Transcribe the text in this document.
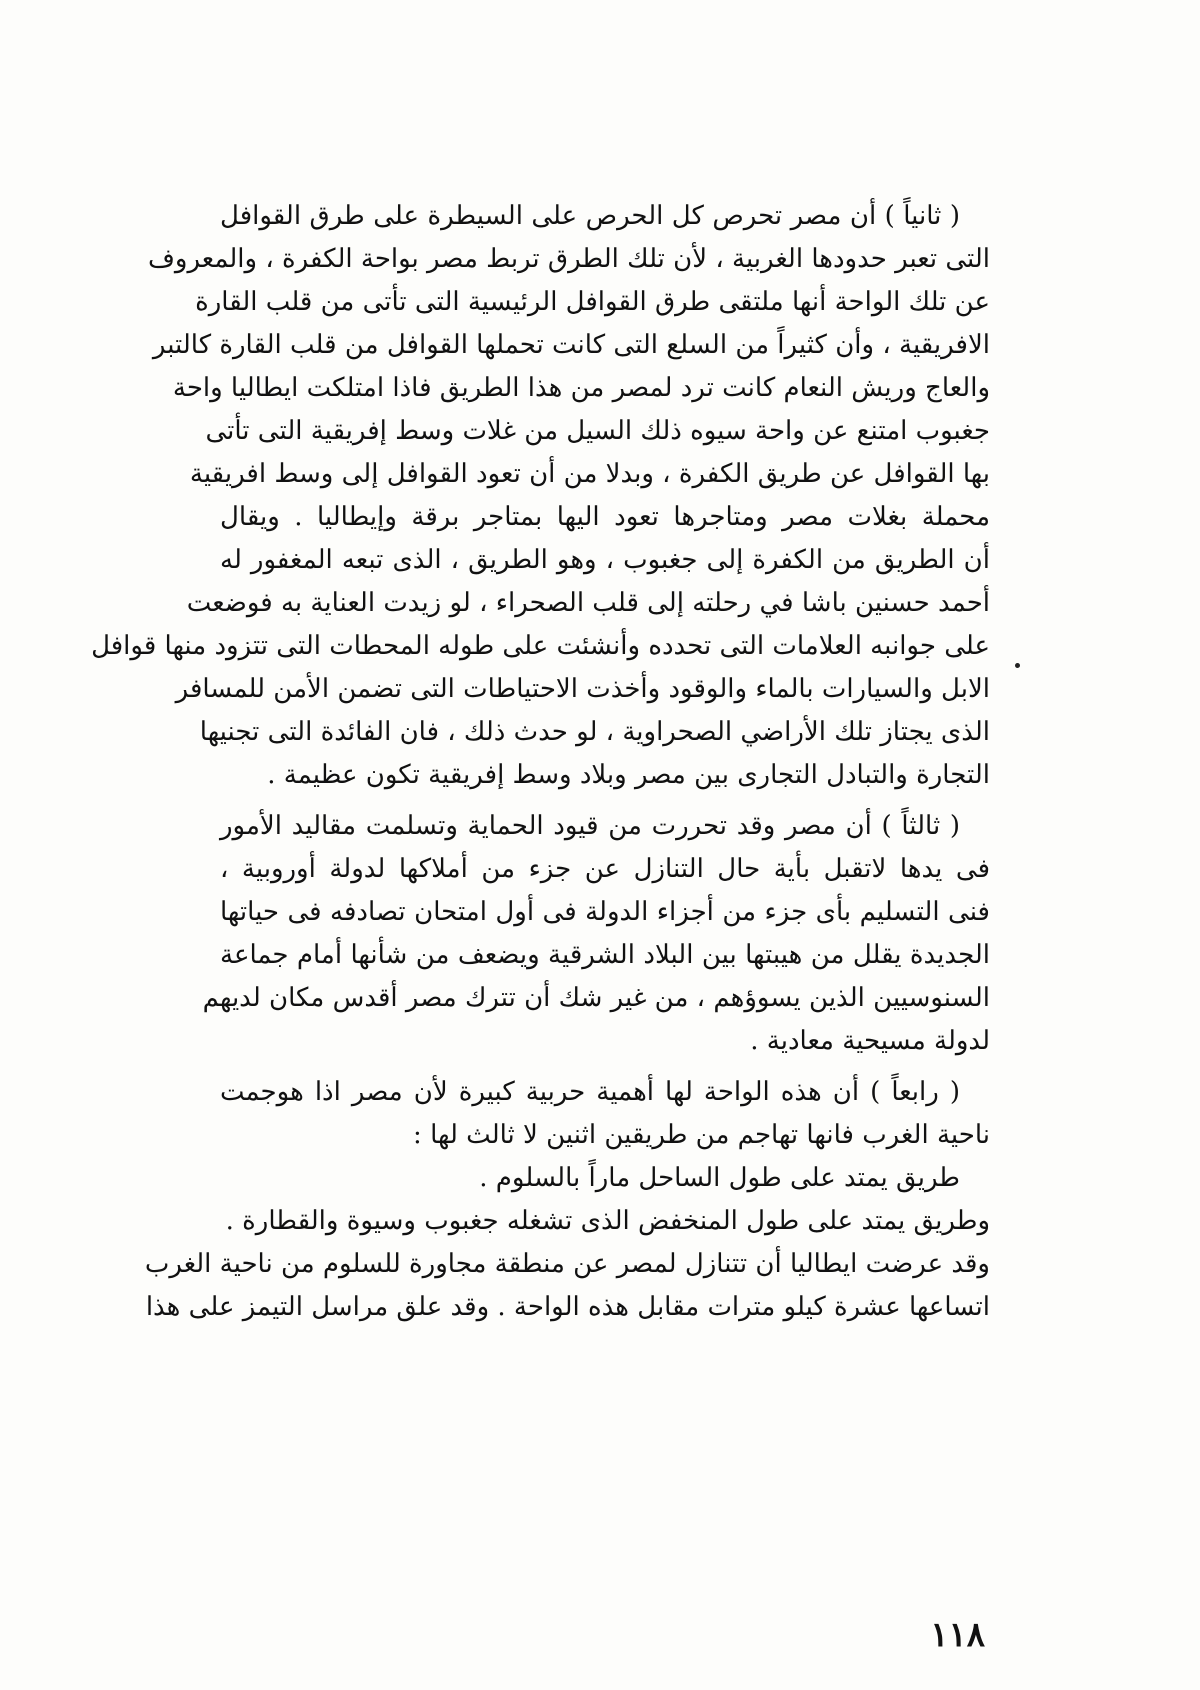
( ثانياً ) أن مصر تحرص كل الحرص على السيطرة على طرق القوافل
التى تعبر حدودها الغربية ، لأن تلك الطرق تربط مصر بواحة الكفرة ، والمعروف
عن تلك الواحة أنها ملتقى طرق القوافل الرئيسية التى تأتى من قلب القارة
الافريقية ، وأن كثيراً من السلع التى كانت تحملها القوافل من قلب القارة كالتبر
والعاج وريش النعام كانت ترد لمصر من هذا الطريق فاذا امتلكت ايطاليا واحة
جغبوب امتنع عن واحة سيوه ذلك السيل من غلات وسط إفريقية التى تأتى
بها القوافل عن طريق الكفرة ، وبدلا من أن تعود القوافل إلى وسط افريقية
محملة بغلات مصر ومتاجرها تعود اليها بمتاجر برقة وإيطاليا . ويقال
أن الطريق من الكفرة إلى جغبوب ، وهو الطريق ، الذى تبعه المغفور له
أحمد حسنين باشا في رحلته إلى قلب الصحراء ، لو زيدت العناية به فوضعت
على جوانبه العلامات التى تحدده وأنشئت على طوله المحطات التى تتزود منها قوافل
الابل والسيارات بالماء والوقود وأخذت الاحتياطات التى تضمن الأمن للمسافر
الذى يجتاز تلك الأراضي الصحراوية ، لو حدث ذلك ، فان الفائدة التى تجنيها
التجارة والتبادل التجارى بين مصر وبلاد وسط إفريقية تكون عظيمة .
( ثالثاً ) أن مصر وقد تحررت من قيود الحماية وتسلمت مقاليد الأمور
فى يدها لاتقبل بأية حال التنازل عن جزء من أملاكها لدولة أوروبية ،
فنى التسليم بأى جزء من أجزاء الدولة فى أول امتحان تصادفه فى حياتها
الجديدة يقلل من هيبتها بين البلاد الشرقية ويضعف من شأنها أمام جماعة
السنوسيين الذين يسوؤهم ، من غير شك أن تترك مصر أقدس مكان لديهم
لدولة مسيحية معادية .
( رابعاً ) أن هذه الواحة لها أهمية حربية كبيرة لأن مصر اذا هوجمت
ناحية الغرب فانها تهاجم من طريقين اثنين لا ثالث لها :
طريق يمتد على طول الساحل ماراً بالسلوم .
وطريق يمتد على طول المنخفض الذى تشغله جغبوب وسيوة والقطارة .
وقد عرضت ايطاليا أن تتنازل لمصر عن منطقة مجاورة للسلوم من ناحية الغرب
اتساعها عشرة كيلو مترات مقابل هذه الواحة . وقد علق مراسل التيمز على هذا
١١٨
